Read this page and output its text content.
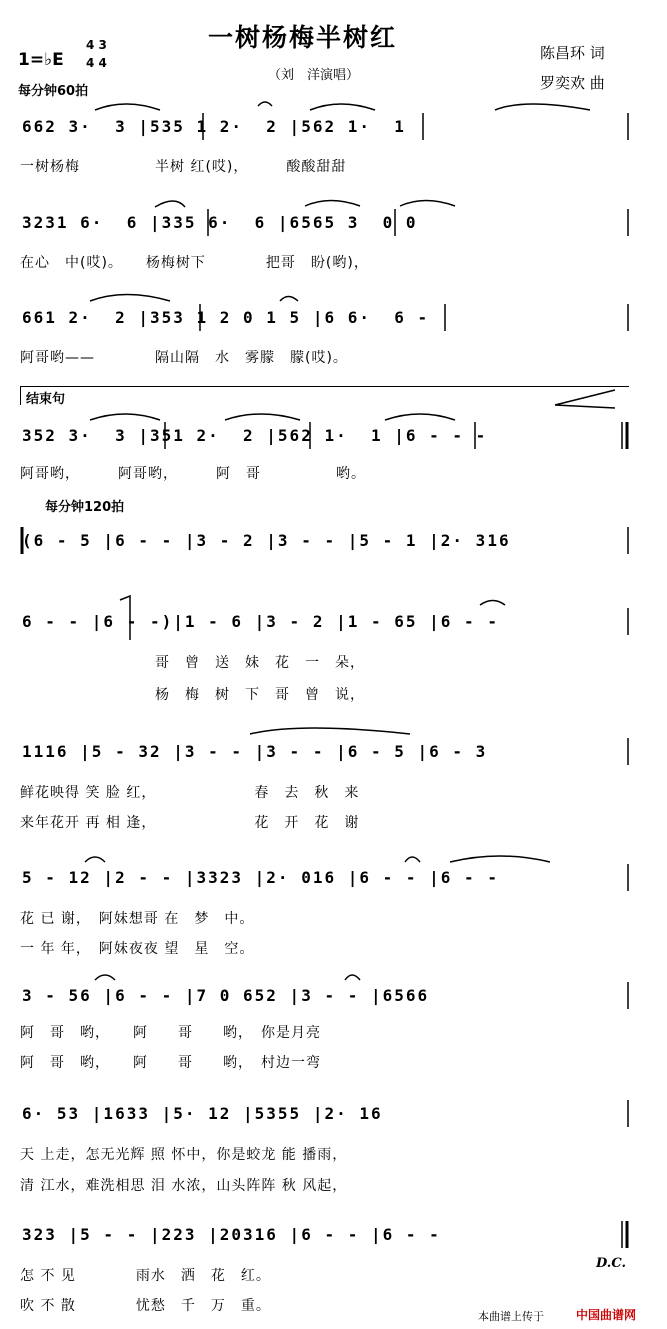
一树杨梅半树红
1=♭E
4 3
4 4
每分钟60拍
（刘　洋演唱）
陈昌环 词
罗奕欢 曲
662 3·  3 |535 1 2·  2 |562 1·  1
一树杨梅　　　　　半树 红(哎)，　　　酸酸甜甜
3231 6·  6 |335 6·  6 |6565 3  0 0
在心　中(哎)。　　杨梅树下　　　　把哥　盼(哟)，
661 2·  2 |353 1 2 0 1 5 |6 6·  6 -
阿哥哟——　　　　隔山隔　水　雾朦　朦(哎)。
结束句
352 3·  3 |351 2·  2 |562 1·  1 |6 - - -
阿哥哟，　　　阿哥哟，　　　阿　哥　　　　　哟。
每分钟120拍
(6 - 5 |6 - - |3 - 2 |3 - - |5 - 1 |2· 316
6 - - |6 - -)|1 - 6 |3 - 2 |1 - 65 |6 - -
　　　　　　　　　哥　曾　送　妹　花　一　朵，
　　　　　　　　　杨　梅　树　下　哥　曾　说，
1116 |5 - 32 |3 - - |3 - - |6 - 5 |6 - 3
鲜花映得 笑 脸 红，　　　　　　　春　去　秋　来
来年花开 再 相 逢，　　　　　　　花　开　花　谢
5 - 12 |2 - - |3323 |2· 016 |6 - - |6 - -
花 已 谢，　阿妹想哥 在　梦　中。
一 年 年，　阿妹夜夜 望　星　空。
3 - 56 |6 - - |7 0 652 |3 - - |6566
阿　哥　哟，　　阿　　哥　　哟，　你是月亮
阿　哥　哟，　　阿　　哥　　哟，　村边一弯
6· 53 |1633 |5· 12 |5355 |2· 16
天 上走，怎无光辉 照 怀中，你是蛟龙 能 播雨，
清 江水，难洗相思 泪 水浓，山头阵阵 秋 风起，
323 |5 - - |223 |20316 |6 - - |6 - -
怎 不 见　　　　雨水　洒　花　红。
吹 不 散　　　　忧愁　千　万　重。
D.C.
本曲谱上传于	中国曲谱网
